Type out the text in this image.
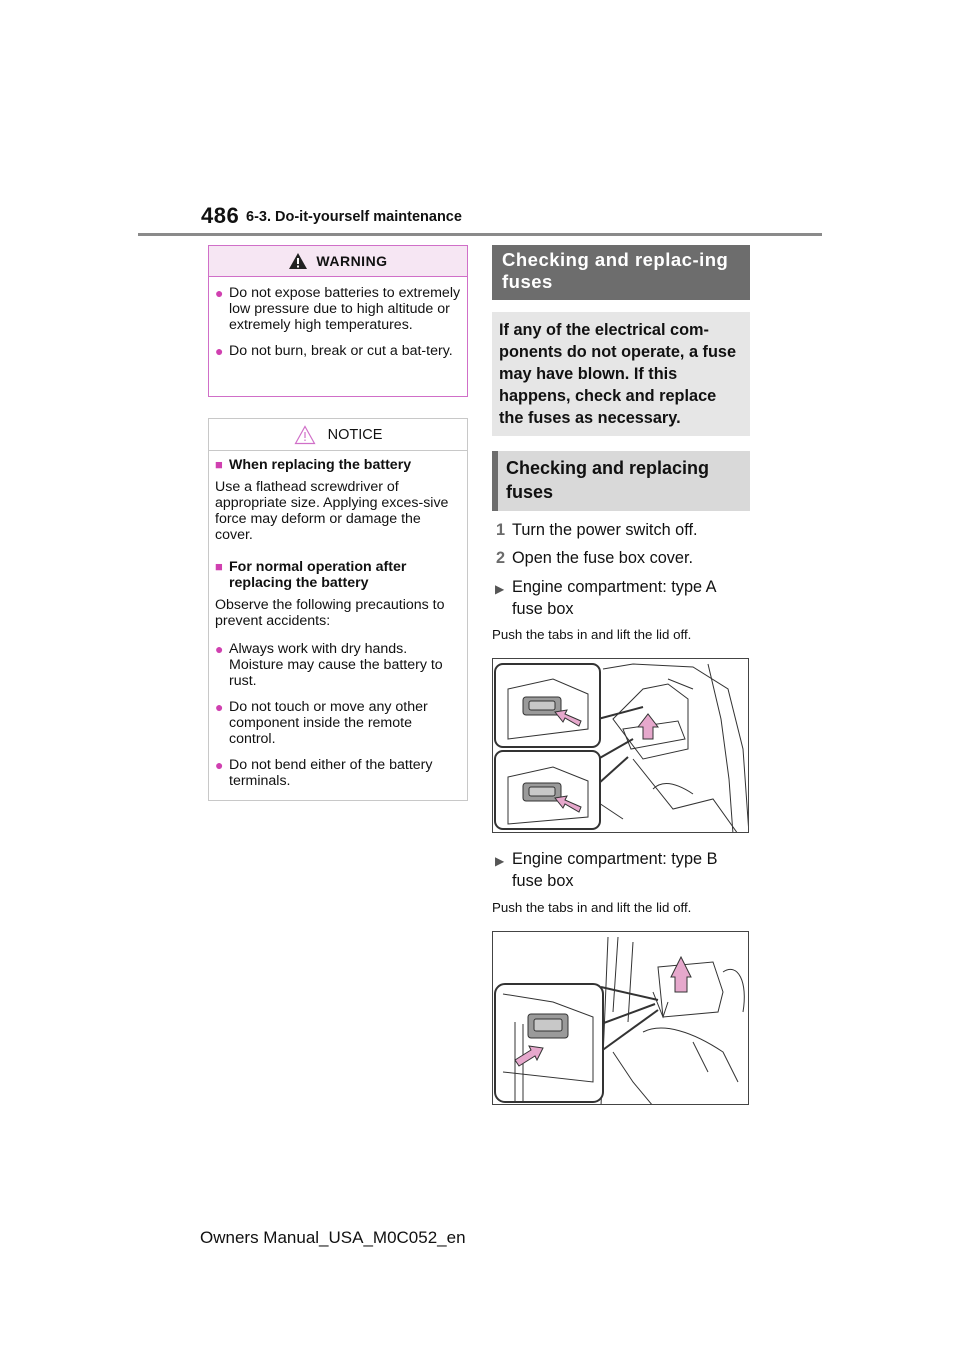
486 6-3. Do-it-yourself maintenance
WARNING
● Do not expose batteries to extremely low pressure due to high altitude or extremely high temperatures.
● Do not burn, break or cut a bat-tery.
NOTICE
■ When replacing the battery

Use a flathead screwdriver of appropriate size. Applying exces-sive force may deform or damage the cover.

■ For normal operation after replacing the battery

Observe the following precautions to prevent accidents:

● Always work with dry hands. Moisture may cause the battery to rust.
● Do not touch or move any other component inside the remote control.
● Do not bend either of the battery terminals.
Checking and replac-ing fuses
If any of the electrical com-ponents do not operate, a fuse may have blown. If this happens, check and replace the fuses as necessary.
Checking and replacing fuses
1 Turn the power switch off.
2 Open the fuse box cover.
▶ Engine compartment: type A fuse box
Push the tabs in and lift the lid off.
▶ Engine compartment: type B fuse box
Push the tabs in and lift the lid off.
Owners Manual_USA_M0C052_en
